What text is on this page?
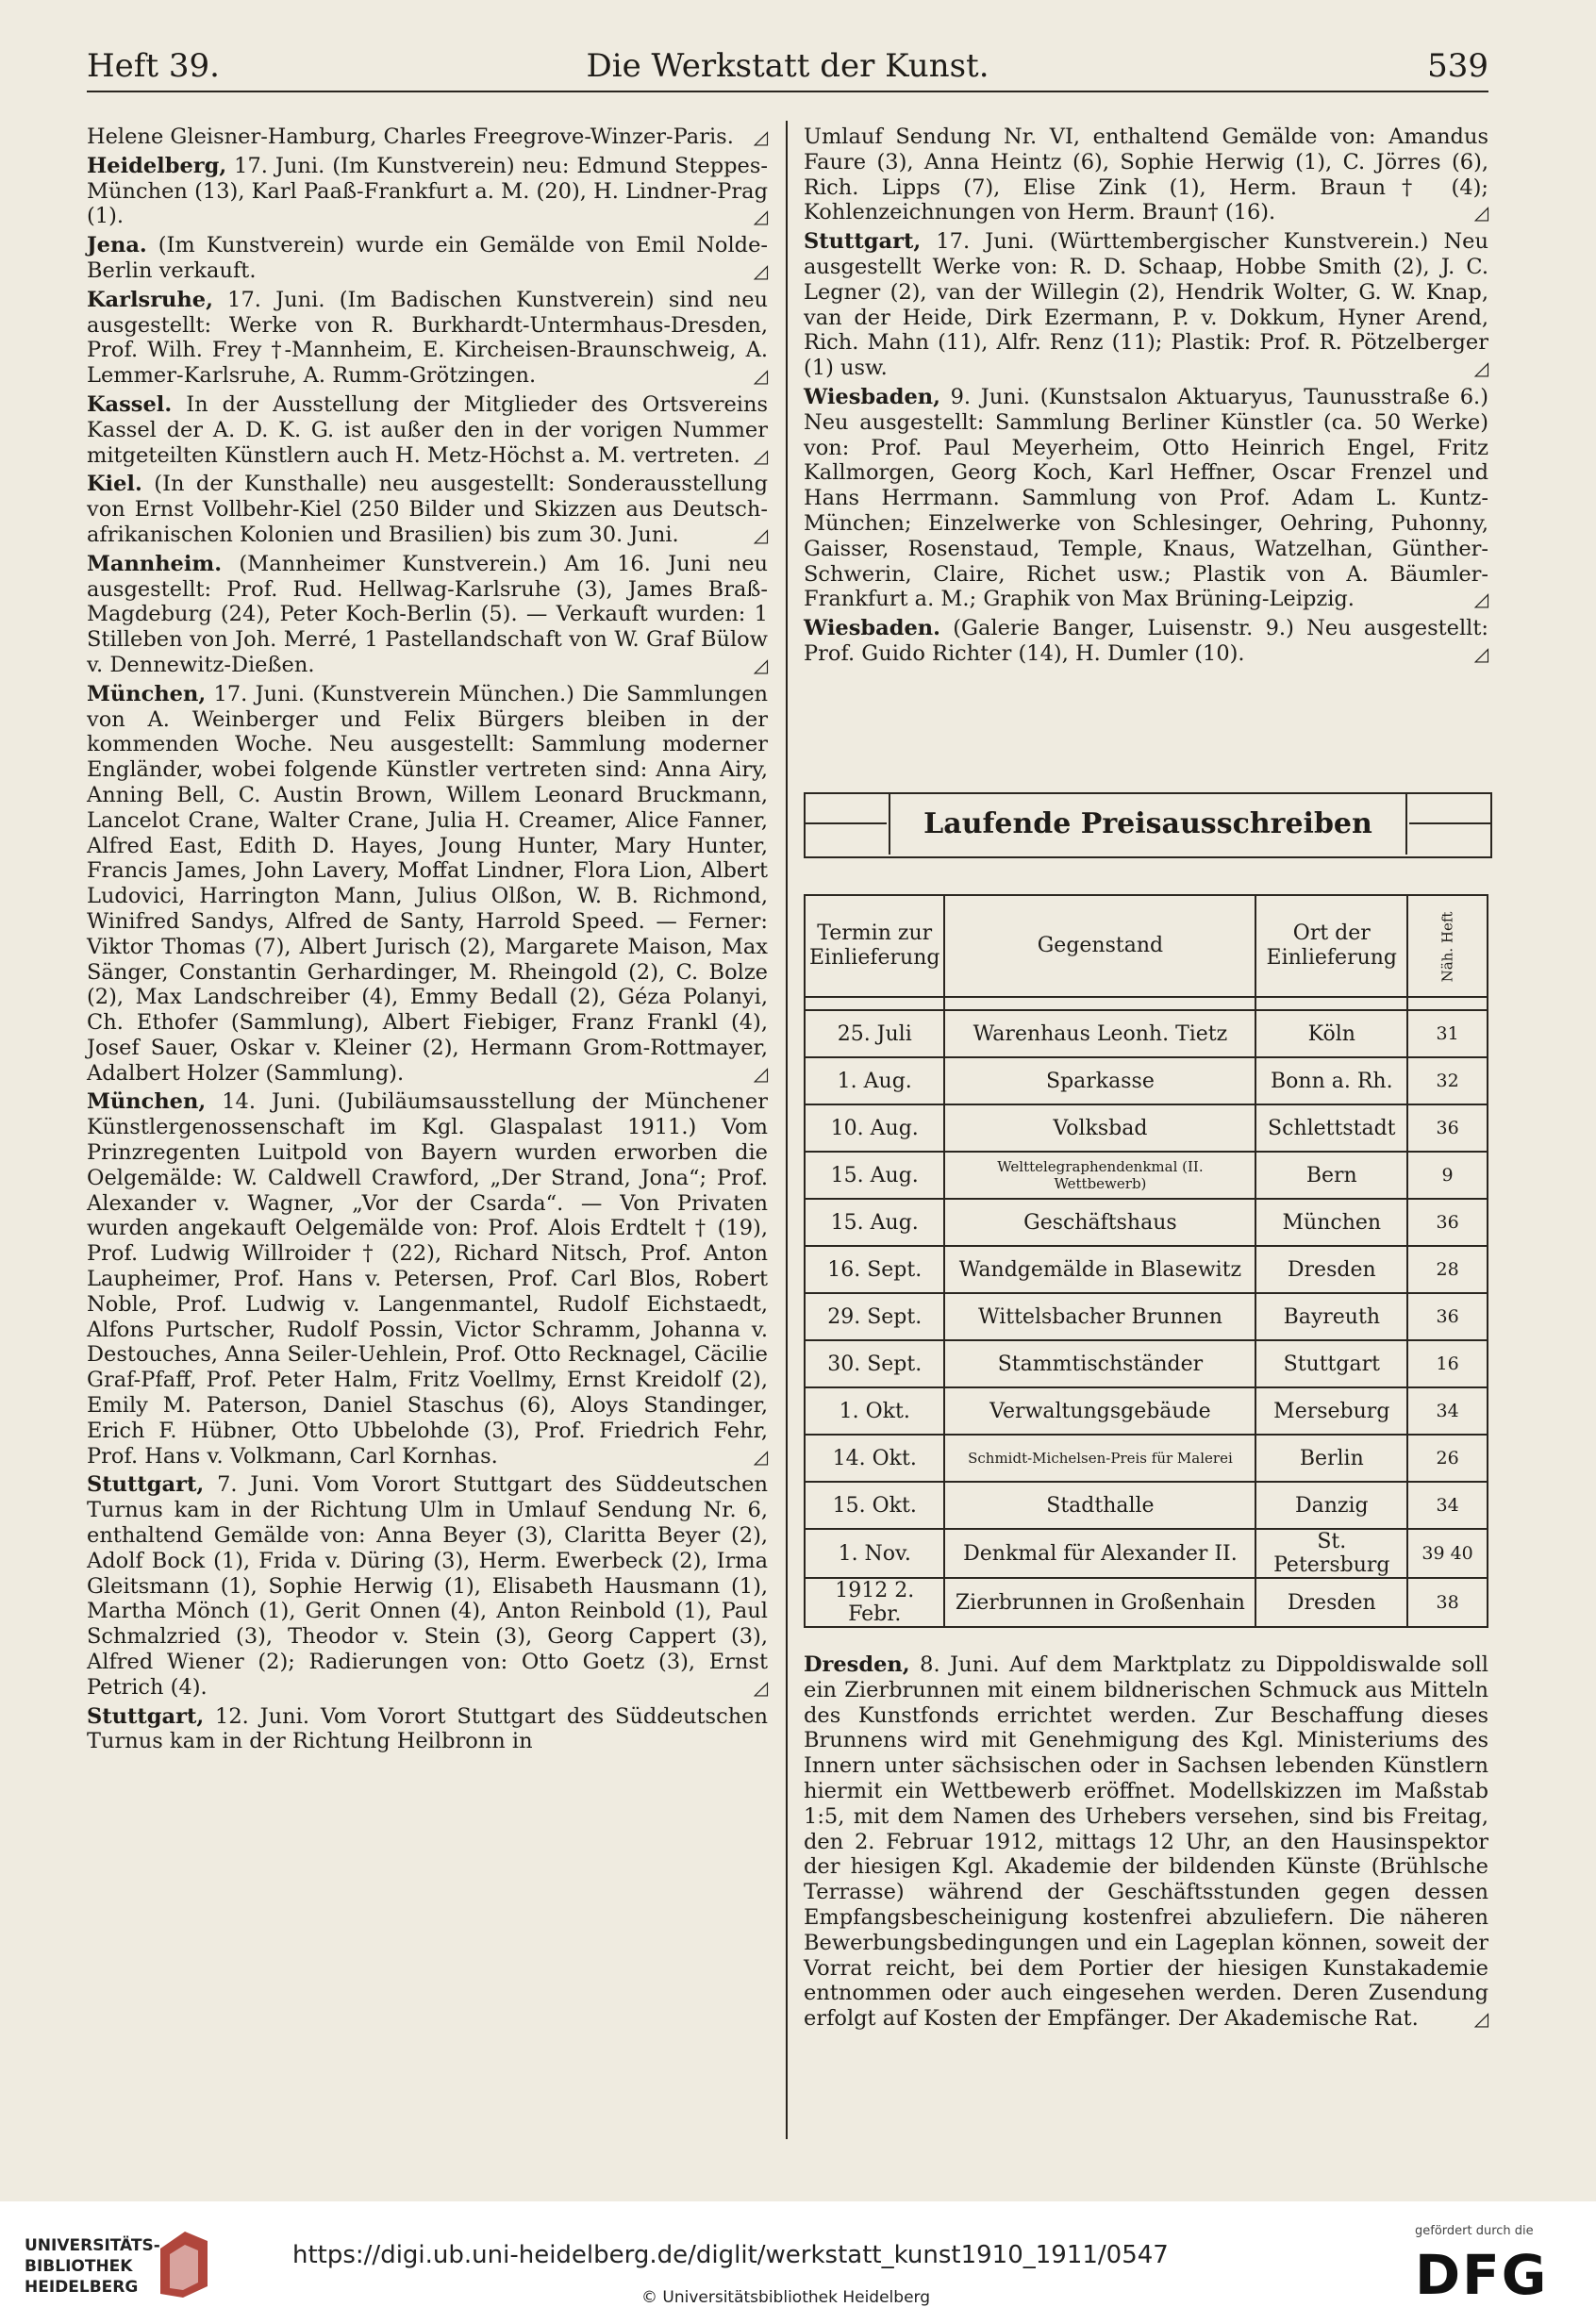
Heft 39.	Die Werkstatt der Kunst.	539
Helene Gleisner-Hamburg, Charles Freegrove-Winzer-Paris.	◿
Heidelberg, 17. Juni. (Im Kunstverein) neu: Edmund Steppes-München (13), Karl Paaß-Frankfurt a. M. (20), H. Lindner-Prag (1).	◿
Jena. (Im Kunstverein) wurde ein Gemälde von Emil Nolde-Berlin verkauft.	◿
Karlsruhe, 17. Juni. (Im Badischen Kunstverein) sind neu ausgestellt: Werke von R. Burkhardt-Untermhaus-Dresden, Prof. Wilh. Frey †-Mannheim, E. Kircheisen-Braunschweig, A. Lemmer-Karlsruhe, A. Rumm-Grötzingen.	◿
Kassel. In der Ausstellung der Mitglieder des Ortsvereins Kassel der A. D. K. G. ist außer den in der vorigen Nummer mitgeteilten Künstlern auch H. Metz-Höchst a. M. vertreten. ◿
Kiel. (In der Kunsthalle) neu ausgestellt: Sonderausstellung von Ernst Vollbehr-Kiel (250 Bilder und Skizzen aus Deutsch-afrikanischen Kolonien und Brasilien) bis zum 30. Juni.	◿
Mannheim. (Mannheimer Kunstverein.) Am 16. Juni neu ausgestellt: Prof. Rud. Hellwag-Karlsruhe (3), James Braß-Magdeburg (24), Peter Koch-Berlin (5). — Verkauft wurden: 1 Stilleben von Joh. Merré, 1 Pastellandschaft von W. Graf Bülow v. Dennewitz-Dießen.	◿
München, 17. Juni. (Kunstverein München.) Die Sammlungen von A. Weinberger und Felix Bürgers bleiben in der kommenden Woche. Neu ausgestellt: Sammlung moderner Engländer, wobei folgende Künstler vertreten sind: Anna Airy, Anning Bell, C. Austin Brown, Willem Leonard Bruckmann, Lancelot Crane, Walter Crane, Julia H. Creamer, Alice Fanner, Alfred East, Edith D. Hayes, Joung Hunter, Mary Hunter, Francis James, John Lavery, Moffat Lindner, Flora Lion, Albert Ludovici, Harrington Mann, Julius Olßon, W. B. Richmond, Winifred Sandys, Alfred de Santy, Harrold Speed. — Ferner: Viktor Thomas (7), Albert Jurisch (2), Margarete Maison, Max Sänger, Constantin Gerhardinger, M. Rheingold (2), C. Bolze (2), Max Landschreiber (4), Emmy Bedall (2), Géza Polanyi, Ch. Ethofer (Sammlung), Albert Fiebiger, Franz Frankl (4), Josef Sauer, Oskar v. Kleiner (2), Hermann Grom-Rottmayer, Adalbert Holzer (Sammlung).	◿
München, 14. Juni. (Jubiläumsausstellung der Münchener Künstlergenossenschaft im Kgl. Glaspalast 1911.) Vom Prinzregenten Luitpold von Bayern wurden erworben die Oelgemälde: W. Caldwell Crawford, „Der Strand, Jona“; Prof. Alexander v. Wagner, „Vor der Csarda“. — Von Privaten wurden angekauft Oelgemälde von: Prof. Alois Erdtelt † (19), Prof. Ludwig Willroider † (22), Richard Nitsch, Prof. Anton Laupheimer, Prof. Hans v. Petersen, Prof. Carl Blos, Robert Noble, Prof. Ludwig v. Langenmantel, Rudolf Eichstaedt, Alfons Purtscher, Rudolf Possin, Victor Schramm, Johanna v. Destouches, Anna Seiler-Uehlein, Prof. Otto Recknagel, Cäcilie Graf-Pfaff, Prof. Peter Halm, Fritz Voellmy, Ernst Kreidolf (2), Emily M. Paterson, Daniel Staschus (6), Aloys Standinger, Erich F. Hübner, Otto Ubbelohde (3), Prof. Friedrich Fehr, Prof. Hans v. Volkmann, Carl Kornhas.	◿
Stuttgart, 7. Juni. Vom Vorort Stuttgart des Süddeutschen Turnus kam in der Richtung Ulm in Umlauf Sendung Nr. 6, enthaltend Gemälde von: Anna Beyer (3), Claritta Beyer (2), Adolf Bock (1), Frida v. Düring (3), Herm. Ewerbeck (2), Irma Gleitsmann (1), Sophie Herwig (1), Elisabeth Hausmann (1), Martha Mönch (1), Gerit Onnen (4), Anton Reinbold (1), Paul Schmalzried (3), Theodor v. Stein (3), Georg Cappert (3), Alfred Wiener (2); Radierungen von: Otto Goetz (3), Ernst Petrich (4).	◿
Stuttgart, 12. Juni. Vom Vorort Stuttgart des Süddeutschen Turnus kam in der Richtung Heilbronn in
Umlauf Sendung Nr. VI, enthaltend Gemälde von: Amandus Faure (3), Anna Heintz (6), Sophie Herwig (1), C. Jörres (6), Rich. Lipps (7), Elise Zink (1), Herm. Braun† (4); Kohlenzeichnungen von Herm. Braun† (16).	◿
Stuttgart, 17. Juni. (Württembergischer Kunstverein.) Neu ausgestellt Werke von: R. D. Schaap, Hobbe Smith (2), J. C. Legner (2), van der Willegin (2), Hendrik Wolter, G. W. Knap, van der Heide, Dirk Ezermann, P. v. Dokkum, Hyner Arend, Rich. Mahn (11), Alfr. Renz (11); Plastik: Prof. R. Pötzelberger (1) usw.	◿
Wiesbaden, 9. Juni. (Kunstsalon Aktuaryus, Taunusstraße 6.) Neu ausgestellt: Sammlung Berliner Künstler (ca. 50 Werke) von: Prof. Paul Meyerheim, Otto Heinrich Engel, Fritz Kallmorgen, Georg Koch, Karl Heffner, Oscar Frenzel und Hans Herrmann. Sammlung von Prof. Adam L. Kuntz-München; Einzelwerke von Schlesinger, Oehring, Puhonny, Gaisser, Rosenstaud, Temple, Knaus, Watzelhan, Günther-Schwerin, Claire, Richet usw.; Plastik von A. Bäumler-Frankfurt a. M.; Graphik von Max Brüning-Leipzig.	◿
Wiesbaden. (Galerie Banger, Luisenstr. 9.) Neu ausgestellt: Prof. Guido Richter (14), H. Dumler (10).	◿
Laufende Preisausschreiben
Termin zur Einlieferung	Gegenstand	Ort der Einlieferung	Näh. Heft

25. Juli	Warenhaus Leonh. Tietz	Köln	31
1. Aug.	Sparkasse	Bonn a. Rh.	32
10. Aug.	Volksbad	Schlettstadt	36
15. Aug.	Welttelegraphendenkmal (II. Wettbewerb)	Bern	9
15. Aug.	Geschäftshaus	München	36
16. Sept.	Wandgemälde in Blasewitz	Dresden	28
29. Sept.	Wittelsbacher Brunnen	Bayreuth	36
30. Sept.	Stammtischständer	Stuttgart	16
1. Okt.	Verwaltungsgebäude	Merseburg	34
14. Okt.	Schmidt-Michelsen-Preis für Malerei	Berlin	26
15. Okt.	Stadthalle	Danzig	34
1. Nov.	Denkmal für Alexander II.	St. Petersburg	39 40
1912 2. Febr.	Zierbrunnen in Großenhain	Dresden	38
Dresden, 8. Juni. Auf dem Marktplatz zu Dippoldiswalde soll ein Zierbrunnen mit einem bildnerischen Schmuck aus Mitteln des Kunstfonds errichtet werden. Zur Beschaffung dieses Brunnens wird mit Genehmigung des Kgl. Ministeriums des Innern unter sächsischen oder in Sachsen lebenden Künstlern hiermit ein Wettbewerb eröffnet. Modellskizzen im Maßstab 1:5, mit dem Namen des Urhebers versehen, sind bis Freitag, den 2. Februar 1912, mittags 12 Uhr, an den Hausinspektor der hiesigen Kgl. Akademie der bildenden Künste (Brühlsche Terrasse) während der Geschäftsstunden gegen dessen Empfangsbescheinigung kostenfrei abzuliefern. Die näheren Bewerbungsbedingungen und ein Lageplan können, soweit der Vorrat reicht, bei dem Portier der hiesigen Kunstakademie entnommen oder auch eingesehen werden. Deren Zusendung erfolgt auf Kosten der Empfänger. Der Akademische Rat.	◿
UNIVERSITÄTS- BIBLIOTHEK HEIDELBERG
https://digi.ub.uni-heidelberg.de/diglit/werkstatt_kunst1910_1911/0547
© Universitätsbibliothek Heidelberg
gefördert durch die
DFG
